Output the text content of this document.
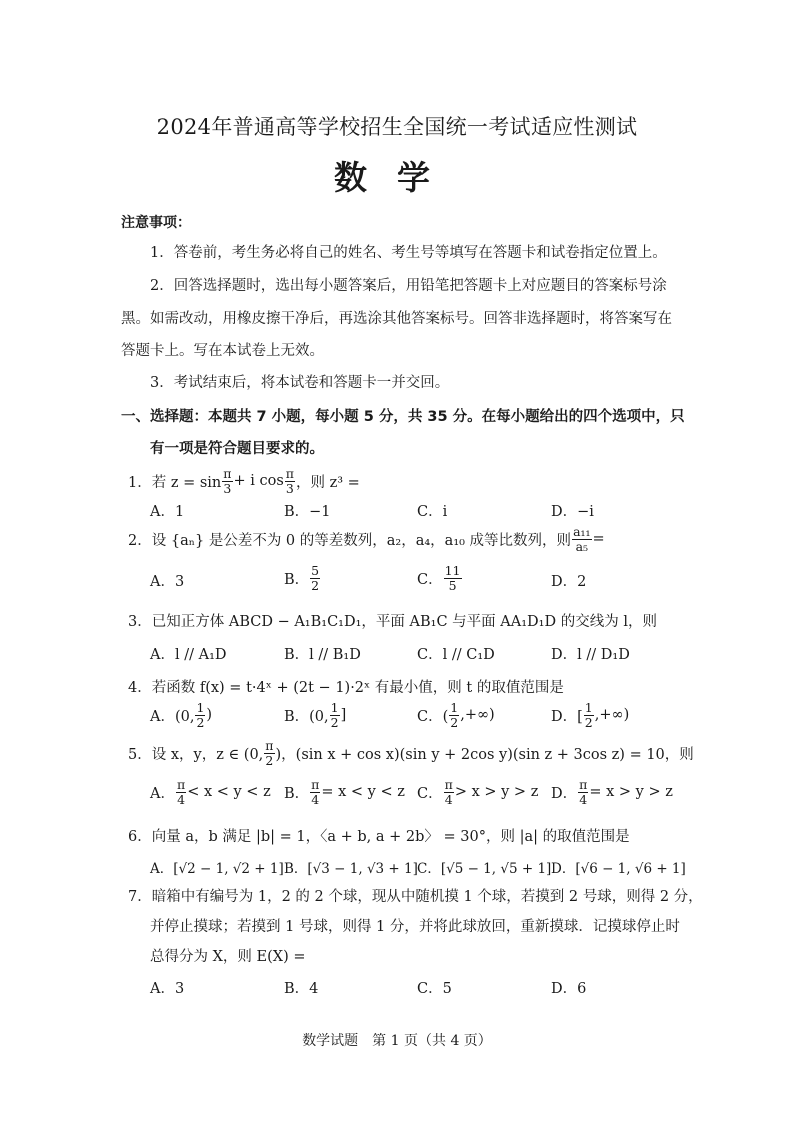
2024年普通高等学校招生全国统一考试适应性测试
数学
注意事项：
1．答卷前，考生务必将自己的姓名、考生号等填写在答题卡和试卷指定位置上。
2．回答选择题时，选出每小题答案后，用铅笔把答题卡上对应题目的答案标号涂
黑。如需改动，用橡皮擦干净后，再选涂其他答案标号。回答非选择题时，将答案写在
答题卡上。写在本试卷上无效。
3．考试结束后，将本试卷和答题卡一并交回。
一、选择题：本题共 7 小题，每小题 5 分，共 35 分。在每小题给出的四个选项中，只
有一项是符合题目要求的。
1． 若 $z = \sin \frac{\pi}{3} + i$ $\cos \frac{\pi}{3}$ ，则 z³ =
A．1	B．−1	C．i	D．−i
2． 设 {aₙ} 是公差不为 0 的等差数列，a₂，a₄，a₁₀ 成等比数列，则 $\frac{\text{a₁₁}}{\text{a₅}}$ =
A．3	B． $\frac{5}{2}$	C． $\frac{11}{5}$	D．2
3．已知正方体 ABCD − A₁B₁C₁D₁，平面 AB₁C 与平面 AA₁D₁D 的交线为 l，则
A．l // A₁D	B．l // B₁D	C．l // C₁D	D．l // D₁D
4．若函数 f(x) = t·4ˣ + (2t − 1)·2ˣ 有最小值，则 t 的取值范围是
A．(0, $\frac{1}{2}$ )	B．(0, $\frac{1}{2}$ ]	C．( $\frac{1}{2}$ ,+∞)	D．[ $\frac{1}{2}$ ,+∞)
5． 设 x，y，z ∈ (0, $\frac{\pi}{2}$ )，(sin x + cos x)(sin y + 2cos y)(sin z + 3cos z) = 10，则
A． $\frac{\pi}{4} < x < y < z$ B． $\frac{\pi}{4} = x < y < z$ C． $\frac{\pi}{4} > x > y > z$ D． $\frac{\pi}{4} = x > y > z$
6．向量 a，b 满足 |b| = 1，〈a + b, a + 2b〉 = 30°，则 |a| 的取值范围是
A．[√2 − 1, √2 + 1] B．[√3 − 1, √3 + 1] C．[√5 − 1, √5 + 1] D．[√6 − 1, √6 + 1]
7．暗箱中有编号为 1，2 的 2 个球，现从中随机摸 1 个球，若摸到 2 号球，则得 2 分，
并停止摸球；若摸到 1 号球，则得 1 分，并将此球放回，重新摸球．记摸球停止时
总得分为 X，则 E(X) =
A．3	B．4	C．5	D．6
数学试题　第 1 页（共 4 页）
